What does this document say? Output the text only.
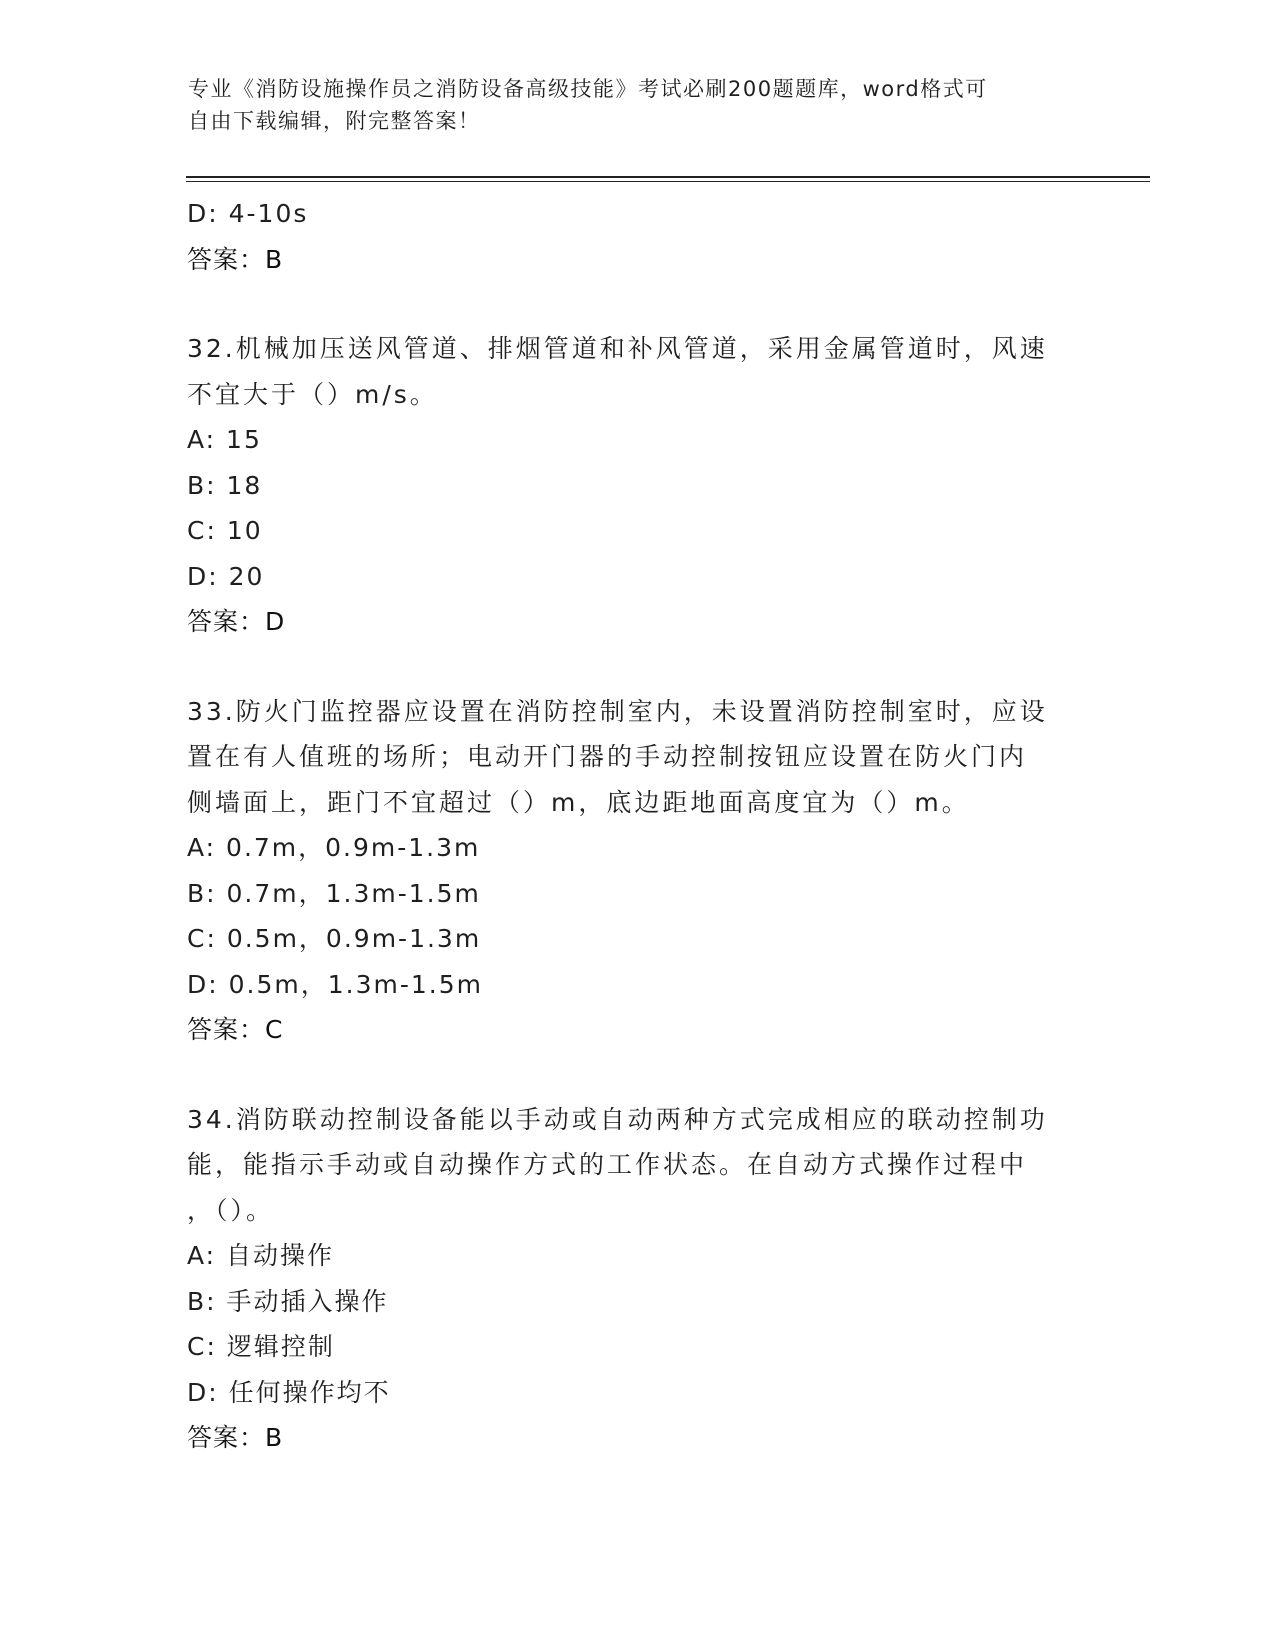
专业《消防设施操作员之消防设备高级技能》考试必刷200题题库，word格式可
自由下载编辑，附完整答案！
D: 4-10s
答案：B
32.机械加压送风管道、排烟管道和补风管道，采用金属管道时，风速
不宜大于（）m/s。
A: 15
B: 18
C: 10
D: 20
答案：D
33.防火门监控器应设置在消防控制室内，未设置消防控制室时，应设
置在有人值班的场所；电动开门器的手动控制按钮应设置在防火门内
侧墙面上，距门不宜超过（）m，底边距地面高度宜为（）m。
A: 0.7m，0.9m-1.3m
B: 0.7m，1.3m-1.5m
C: 0.5m，0.9m-1.3m
D: 0.5m，1.3m-1.5m
答案：C
34.消防联动控制设备能以手动或自动两种方式完成相应的联动控制功
能，能指示手动或自动操作方式的工作状态。在自动方式操作过程中
，（）。
A: 自动操作
B: 手动插入操作
C: 逻辑控制
D: 任何操作均不
答案：B
